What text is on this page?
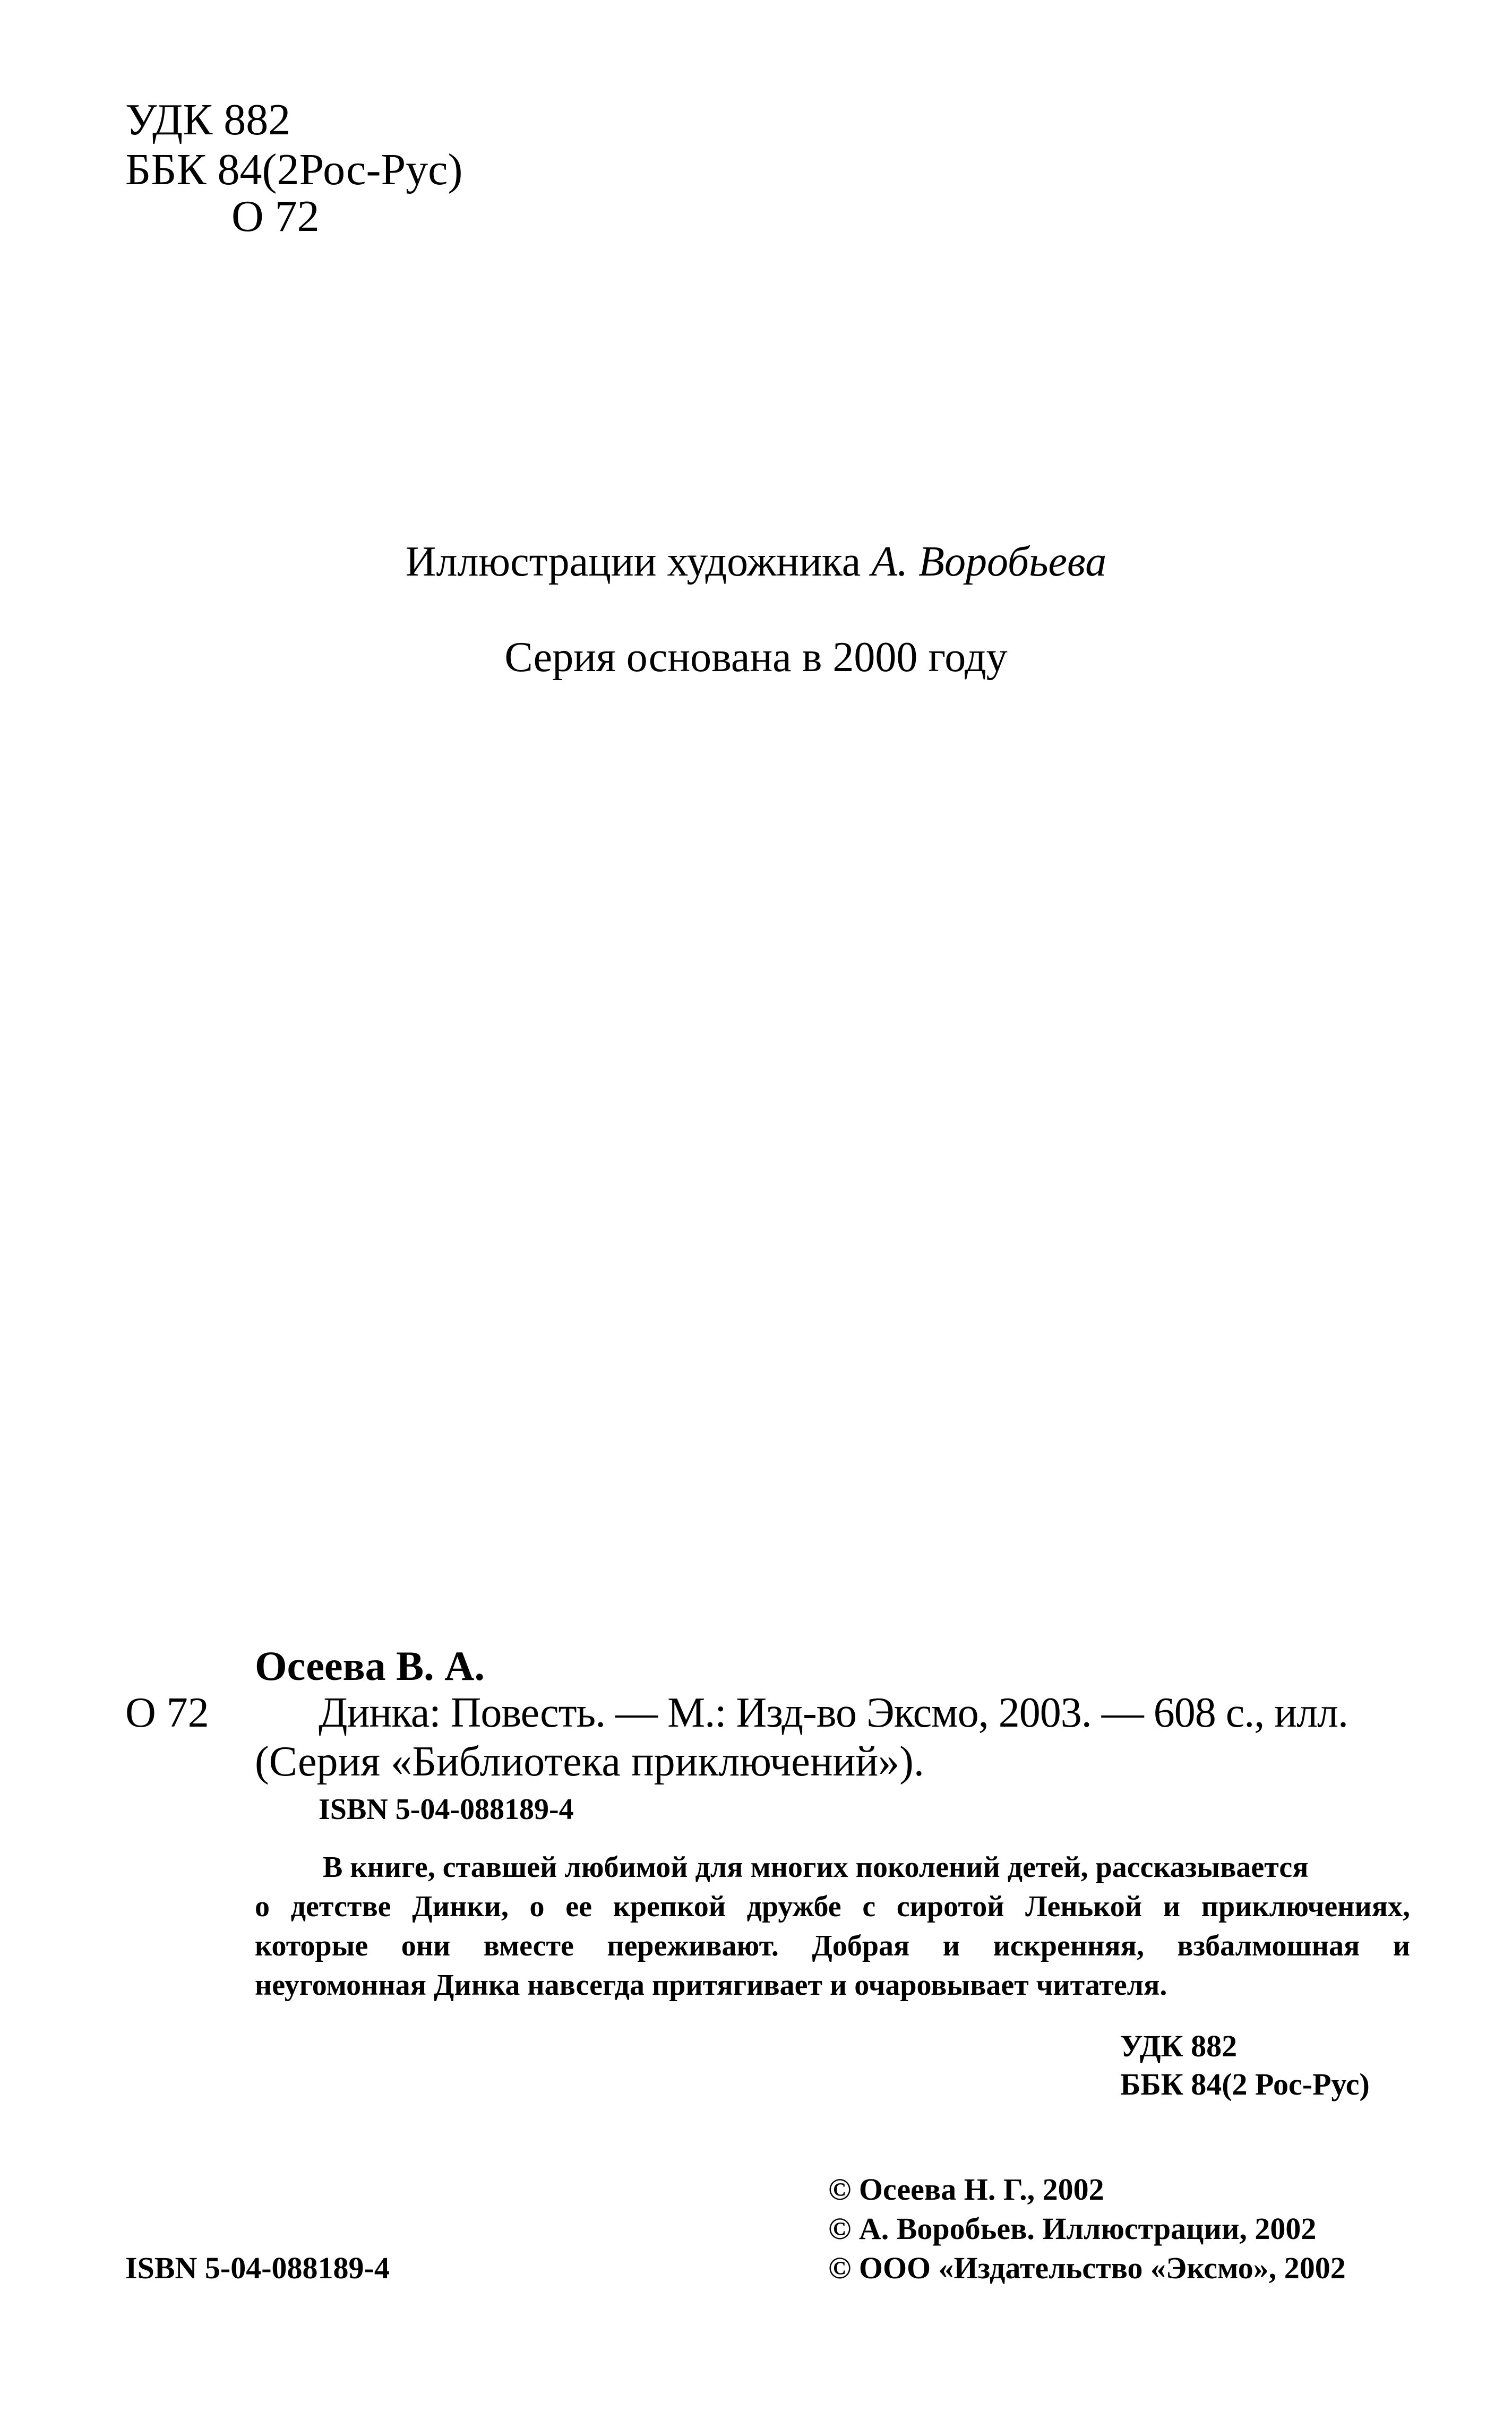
УДК 882
ББК 84(2Рос-Рус)
О 72
Иллюстрации художника А. Воробьева
Серия основана в 2000 году
Осеева В. А.
О 72	Динка: Повесть. — М.: Изд-во Эксмо, 2003. — 608 с., илл.
(Серия «Библиотека приключений»).
ISBN 5-04-088189-4
В книге, ставшей любимой для многих поколений детей, рассказывается
о детстве Динки, о ее крепкой дружбе с сиротой Ленькой и приключениях,
которые они вместе переживают. Добрая и искренняя, взбалмошная и
неугомонная Динка навсегда притягивает и очаровывает читателя.
УДК 882
ББК 84(2 Рос-Рус)
© Осеева Н. Г., 2002
© А. Воробьев. Иллюстрации, 2002
© ООО «Издательство «Эксмо», 2002
ISBN 5-04-088189-4
